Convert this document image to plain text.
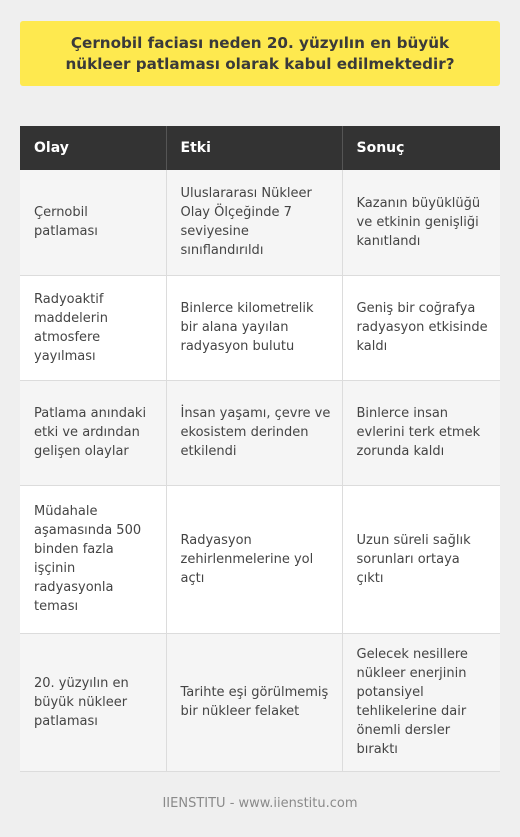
Çernobil faciası neden 20. yüzyılın en büyük nükleer patlaması olarak kabul edilmektedir?
Olay	Etki	Sonuç
Çernobil patlaması	Uluslararası Nükleer Olay Ölçeğinde 7 seviyesine sınıflandırıldı	Kazanın büyüklüğü ve etkinin genişliği kanıtlandı
Radyoaktif maddelerin atmosfere yayılması	Binlerce kilometrelik bir alana yayılan radyasyon bulutu	Geniş bir coğrafya radyasyon etkisinde kaldı
Patlama anındaki etki ve ardından gelişen olaylar	İnsan yaşamı, çevre ve ekosistem derinden etkilendi	Binlerce insan evlerini terk etmek zorunda kaldı
Müdahale aşamasında 500 binden fazla işçinin radyasyonla teması	Radyasyon zehirlenmelerine yol açtı	Uzun süreli sağlık sorunları ortaya çıktı
20. yüzyılın en büyük nükleer patlaması	Tarihte eşi görülmemiş bir nükleer felaket	Gelecek nesillere nükleer enerjinin potansiyel tehlikelerine dair önemli dersler bıraktı
IIENSTITU - www.iienstitu.com
